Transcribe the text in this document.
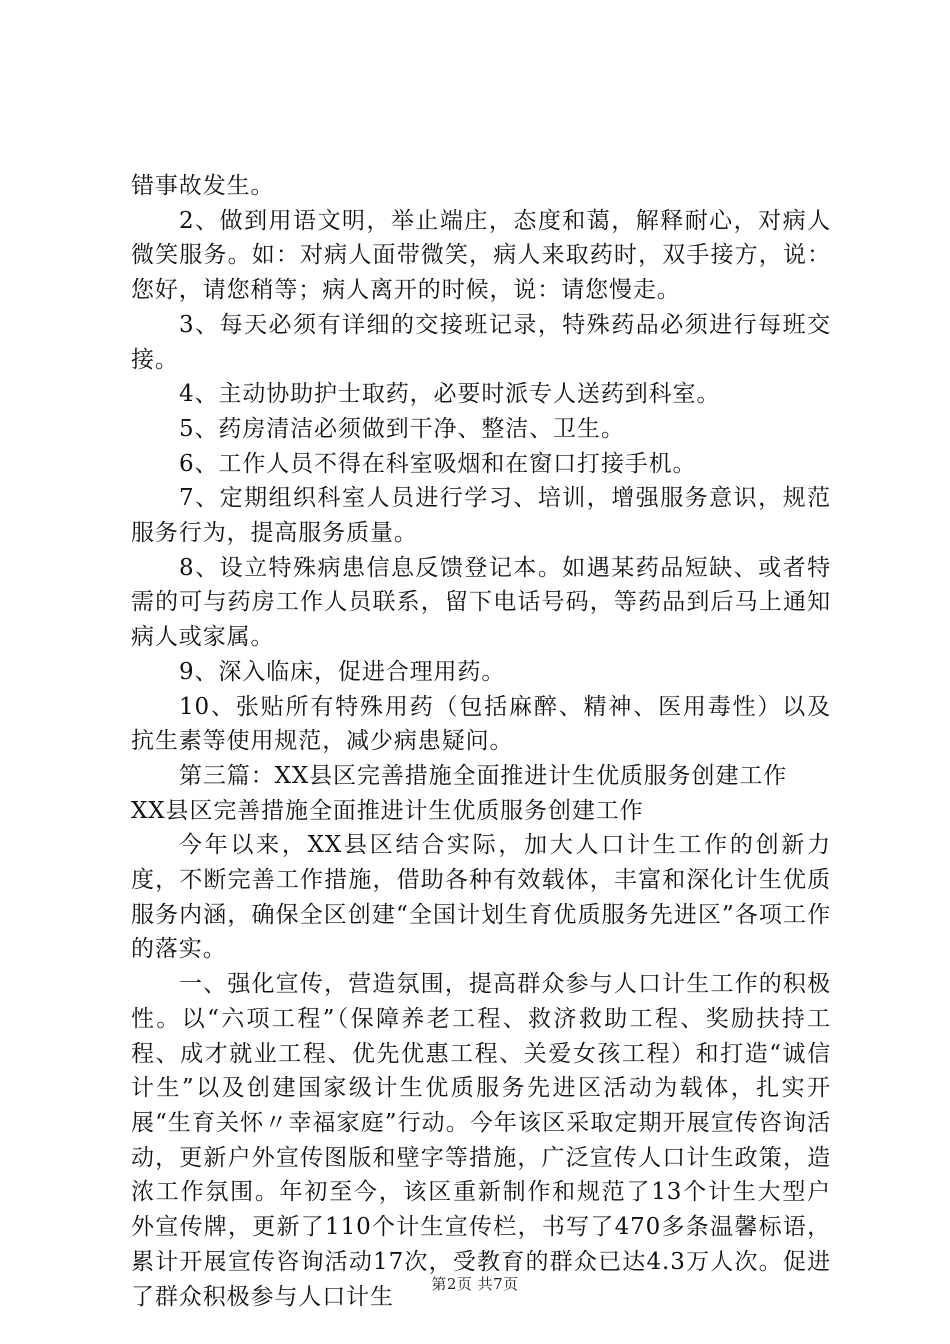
错事故发生。

2、做到用语文明，举止端庄，态度和蔼，解释耐心，对病人微笑服务。如：对病人面带微笑，病人来取药时，双手接方，说：您好，请您稍等；病人离开的时候，说：请您慢走。

3、每天必须有详细的交接班记录，特殊药品必须进行每班交接。

4、主动协助护士取药，必要时派专人送药到科室。

5、药房清洁必须做到干净、整洁、卫生。

6、工作人员不得在科室吸烟和在窗口打接手机。

7、定期组织科室人员进行学习、培训，增强服务意识，规范服务行为，提高服务质量。

8、设立特殊病患信息反馈登记本。如遇某药品短缺、或者特需的可与药房工作人员联系，留下电话号码，等药品到后马上通知病人或家属。

9、深入临床，促进合理用药。

10、张贴所有特殊用药（包括麻醉、精神、医用毒性）以及抗生素等使用规范，减少病患疑问。

第三篇：XX县区完善措施全面推进计生优质服务创建工作

XX县区完善措施全面推进计生优质服务创建工作

今年以来，XX县区结合实际，加大人口计生工作的创新力度，不断完善工作措施，借助各种有效载体，丰富和深化计生优质服务内涵，确保全区创建“全国计划生育优质服务先进区”各项工作的落实。

一、强化宣传，营造氛围，提高群众参与人口计生工作的积极性。以“六项工程”（保障养老工程、救济救助工程、奖励扶持工程、成才就业工程、优先优惠工程、关爱女孩工程）和打造“诚信计生”以及创建国家级计生优质服务先进区活动为载体，扎实开展“生育关怀〃幸福家庭”行动。今年该区采取定期开展宣传咨询活动，更新户外宣传图版和壁字等措施，广泛宣传人口计生政策，造浓工作氛围。年初至今，该区重新制作和规范了13个计生大型户外宣传牌，更新了110个计生宣传栏，书写了470多条温馨标语，累计开展宣传咨询活动17次，受教育的群众已达4.3万人次。促进了群众积极参与人口计生	第2页 共7页
